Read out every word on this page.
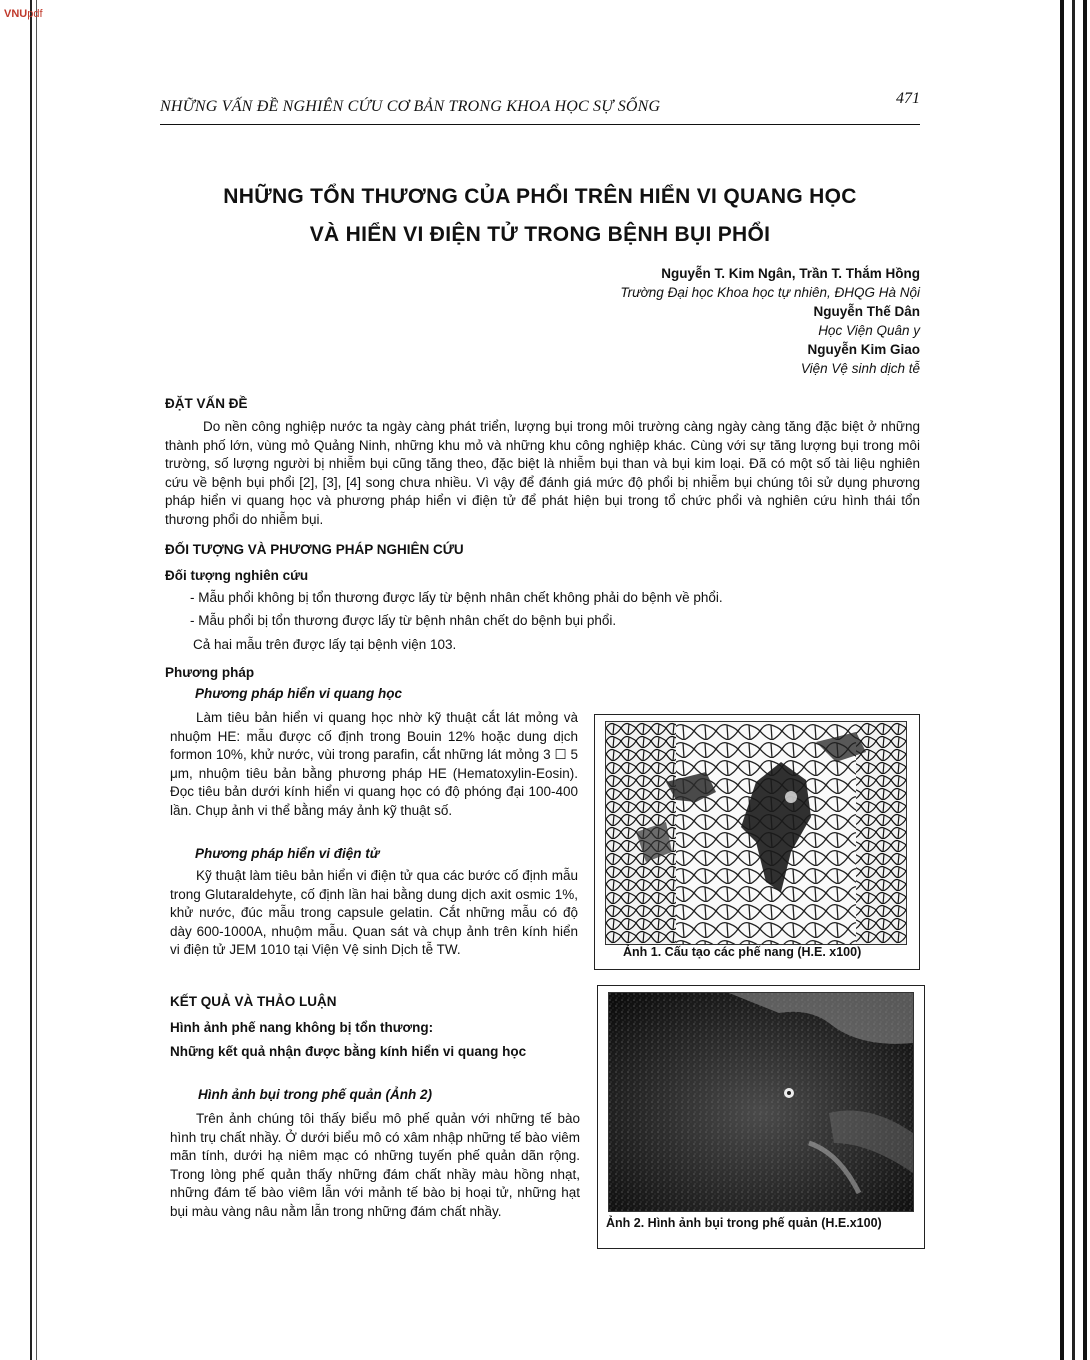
VNUpdf
NHỮNG VẤN ĐỀ NGHIÊN CỨU CƠ BẢN TRONG KHOA HỌC SỰ SỐNG	471
NHỮNG TỔN THƯƠNG CỦA PHỔI TRÊN HIỂN VI QUANG HỌC
VÀ HIỂN VI ĐIỆN TỬ TRONG BỆNH BỤI PHỔI
Nguyễn T. Kim Ngân, Trần T. Thắm Hồng
Trường Đại học Khoa học tự nhiên, ĐHQG Hà Nội
Nguyễn Thế Dân
Học Viện Quân y
Nguyễn Kim Giao
Viện Vệ sinh dịch tễ
ĐẶT VẤN ĐỀ
Do nền công nghiệp nước ta ngày càng phát triển, lượng bụi trong môi trường càng ngày càng tăng đặc biệt ở những thành phố lớn, vùng mỏ Quảng Ninh, những khu mỏ và những khu công nghiệp khác. Cùng với sự tăng lượng bụi trong môi trường, số lượng người bị nhiễm bụi cũng tăng theo, đặc biệt là nhiễm bụi than và bụi kim loại. Đã có một số tài liệu nghiên cứu về bệnh bụi phổi [2], [3], [4] song chưa nhiều. Vì vậy để đánh giá mức độ phổi bị nhiễm bụi chúng tôi sử dụng phương pháp hiển vi quang học và phương pháp hiển vi điện tử để phát hiện bụi trong tổ chức phổi và nghiên cứu hình thái tổn thương phổi do nhiễm bụi.
ĐỐI TƯỢNG VÀ PHƯƠNG PHÁP NGHIÊN CỨU
Đối tượng nghiên cứu
- Mẫu phổi không bị tổn thương được lấy từ bệnh nhân chết không phải do bệnh về phổi.
- Mẫu phổi bị tổn thương được lấy từ bệnh nhân chết do bệnh bụi phổi.
Cả hai mẫu trên được lấy tại bệnh viện 103.
Phương pháp
Phương pháp hiển vi quang học
Làm tiêu bản hiển vi quang học nhờ kỹ thuật cắt lát mỏng và nhuộm HE: mẫu được cố định trong Bouin 12% hoặc dung dịch formon 10%, khử nước, vùi trong parafin, cắt những lát mỏng 3 ☐ 5 μm, nhuộm tiêu bản bằng phương pháp HE (Hematoxylin-Eosin). Đọc tiêu bản dưới kính hiển vi quang học có độ phóng đại 100-400 lần. Chụp ảnh vi thể bằng máy ảnh kỹ thuật số.
Phương pháp hiển vi điện tử
Kỹ thuật làm tiêu bản hiển vi điện tử qua các bước cố định mẫu trong Glutaraldehyte, cố định lần hai bằng dung dịch axit osmic 1%, khử nước, đúc mẫu trong capsule gelatin. Cắt những mẫu có độ dày 600-1000A, nhuộm mẫu. Quan sát và chụp ảnh trên kính hiển vi điện tử JEM 1010 tại Viện Vệ sinh Dịch tễ TW.
KẾT QUẢ VÀ THẢO LUẬN
Hình ảnh phế nang không bị tổn thương:
Những kết quả nhận được bằng kính hiển vi quang học
Hình ảnh bụi trong phế quản (Ảnh 2)
Trên ảnh chúng tôi thấy biểu mô phế quản với những tế bào hình trụ chất nhầy. Ở dưới biểu mô có xâm nhập những tế bào viêm mãn tính, dưới hạ niêm mạc có những tuyến phế quản dãn rộng. Trong lòng phế quản thấy những đám chất nhầy màu hồng nhạt, những đám tế bào viêm lẫn với mảnh tế bào bị hoại tử, những hạt bụi màu vàng nâu nằm lẫn trong những đám chất nhầy.
Ảnh 1. Cấu tạo các phế nang (H.E. x100)
Ảnh 2. Hình ảnh bụi trong phế quản (H.E.x100)
